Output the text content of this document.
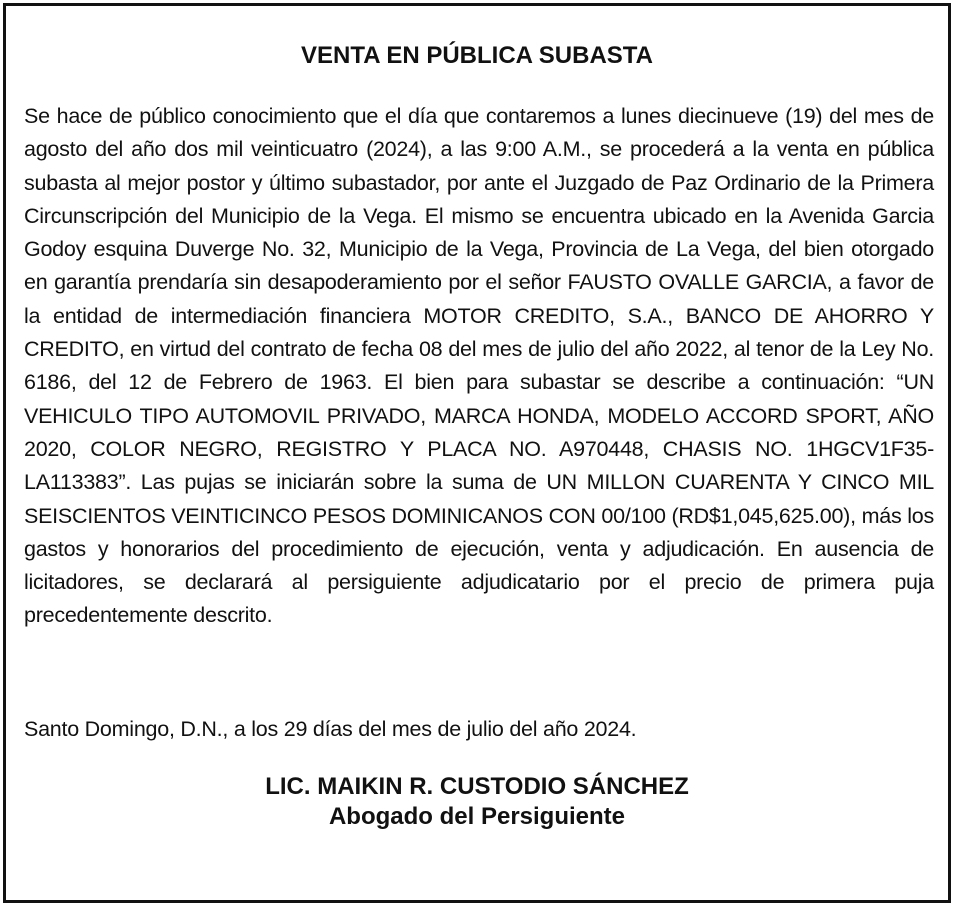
VENTA EN PÚBLICA SUBASTA

Se hace de público conocimiento que el día que contaremos a lunes diecinueve (19) del mes de agosto del año dos mil veinticuatro (2024), a las 9:00 A.M., se procederá a la venta en pública subasta al mejor postor y último subastador, por ante el Juzgado de Paz Ordinario de la Primera Circunscripción del Municipio de la Vega. El mismo se encuentra ubicado en la Avenida Garcia Godoy esquina Duverge No. 32, Municipio de la Vega, Provincia de La Vega, del bien otorgado en garantía prendaría sin desapoderamiento por el señor FAUSTO OVALLE GARCIA, a favor de la entidad de intermediación financiera MOTOR CREDITO, S.A., BANCO DE AHORRO Y CREDITO, en virtud del contrato de fecha 08 del mes de julio del año 2022, al tenor de la Ley No. 6186, del 12 de Febrero de 1963. El bien para subastar se describe a continuación: “UN VEHICULO TIPO AUTOMOVIL PRIVADO, MARCA HONDA, MODELO ACCORD SPORT, AÑO 2020, COLOR NEGRO, REGISTRO Y PLACA NO. A970448, CHASIS NO. 1HGCV1F35-LA113383”. Las pujas se iniciarán sobre la suma de UN MILLON CUARENTA Y CINCO MIL SEISCIENTOS VEINTICINCO PESOS DOMINICANOS CON 00/100 (RD$1,045,625.00), más los gastos y honorarios del procedimiento de ejecución, venta y adjudicación. En ausencia de licitadores, se declarará al persiguiente adjudicatario por el precio de primera puja precedentemente descrito.

Santo Domingo, D.N., a los 29 días del mes de julio del año 2024.

LIC. MAIKIN R. CUSTODIO SÁNCHEZ
Abogado del Persiguiente
